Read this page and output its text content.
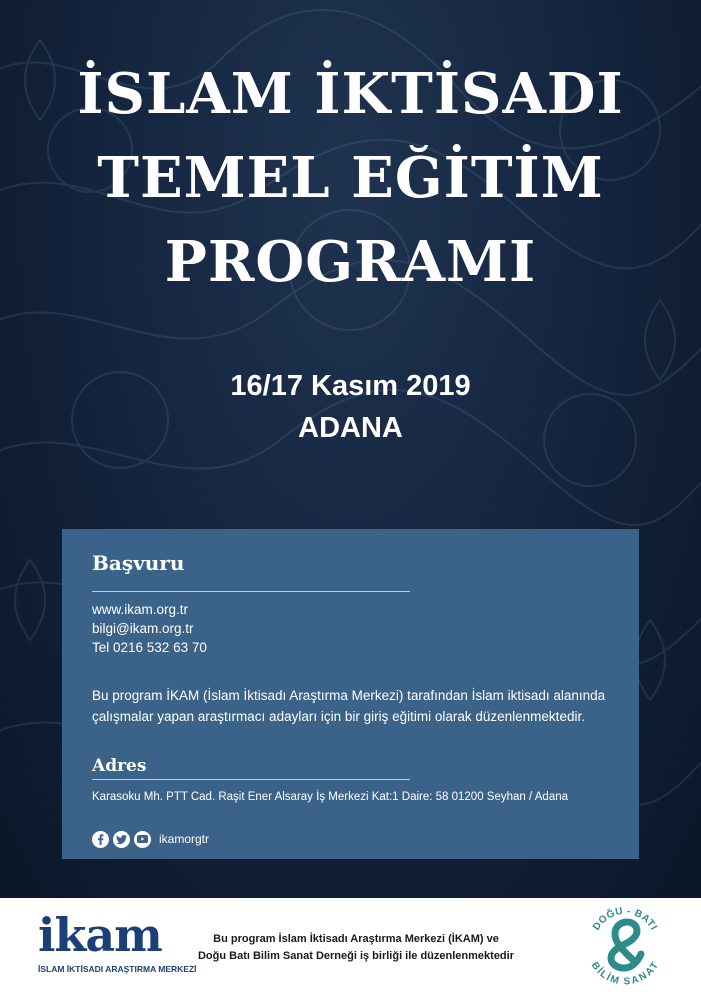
İSLAM İKTİSADI
TEMEL EĞİTİM
PROGRAMI
16/17 Kasım 2019
ADANA
Başvuru
www.ikam.org.tr
bilgi@ikam.org.tr
Tel 0216 532 63 70
Bu program İKAM (İslam İktisadı Araştırma Merkezi) tarafından İslam iktisadı alanında çalışmalar yapan araştırmacı adayları için bir giriş eğitimi olarak düzenlenmektedir.
Adres
Karasoku Mh. PTT Cad. Raşit Ener Alsaray İş Merkezi Kat:1 Daire: 58 01200 Seyhan / Adana
ikamorgtr
ikam
İSLAM İKTİSADI ARAŞTIRMA MERKEZİ
Bu program İslam İktisadı Araştırma Merkezi (İKAM) ve
Doğu Batı Bilim Sanat Derneği iş birliği ile düzenlenmektedir
DOĞU - BATI
BİLİM SANAT
